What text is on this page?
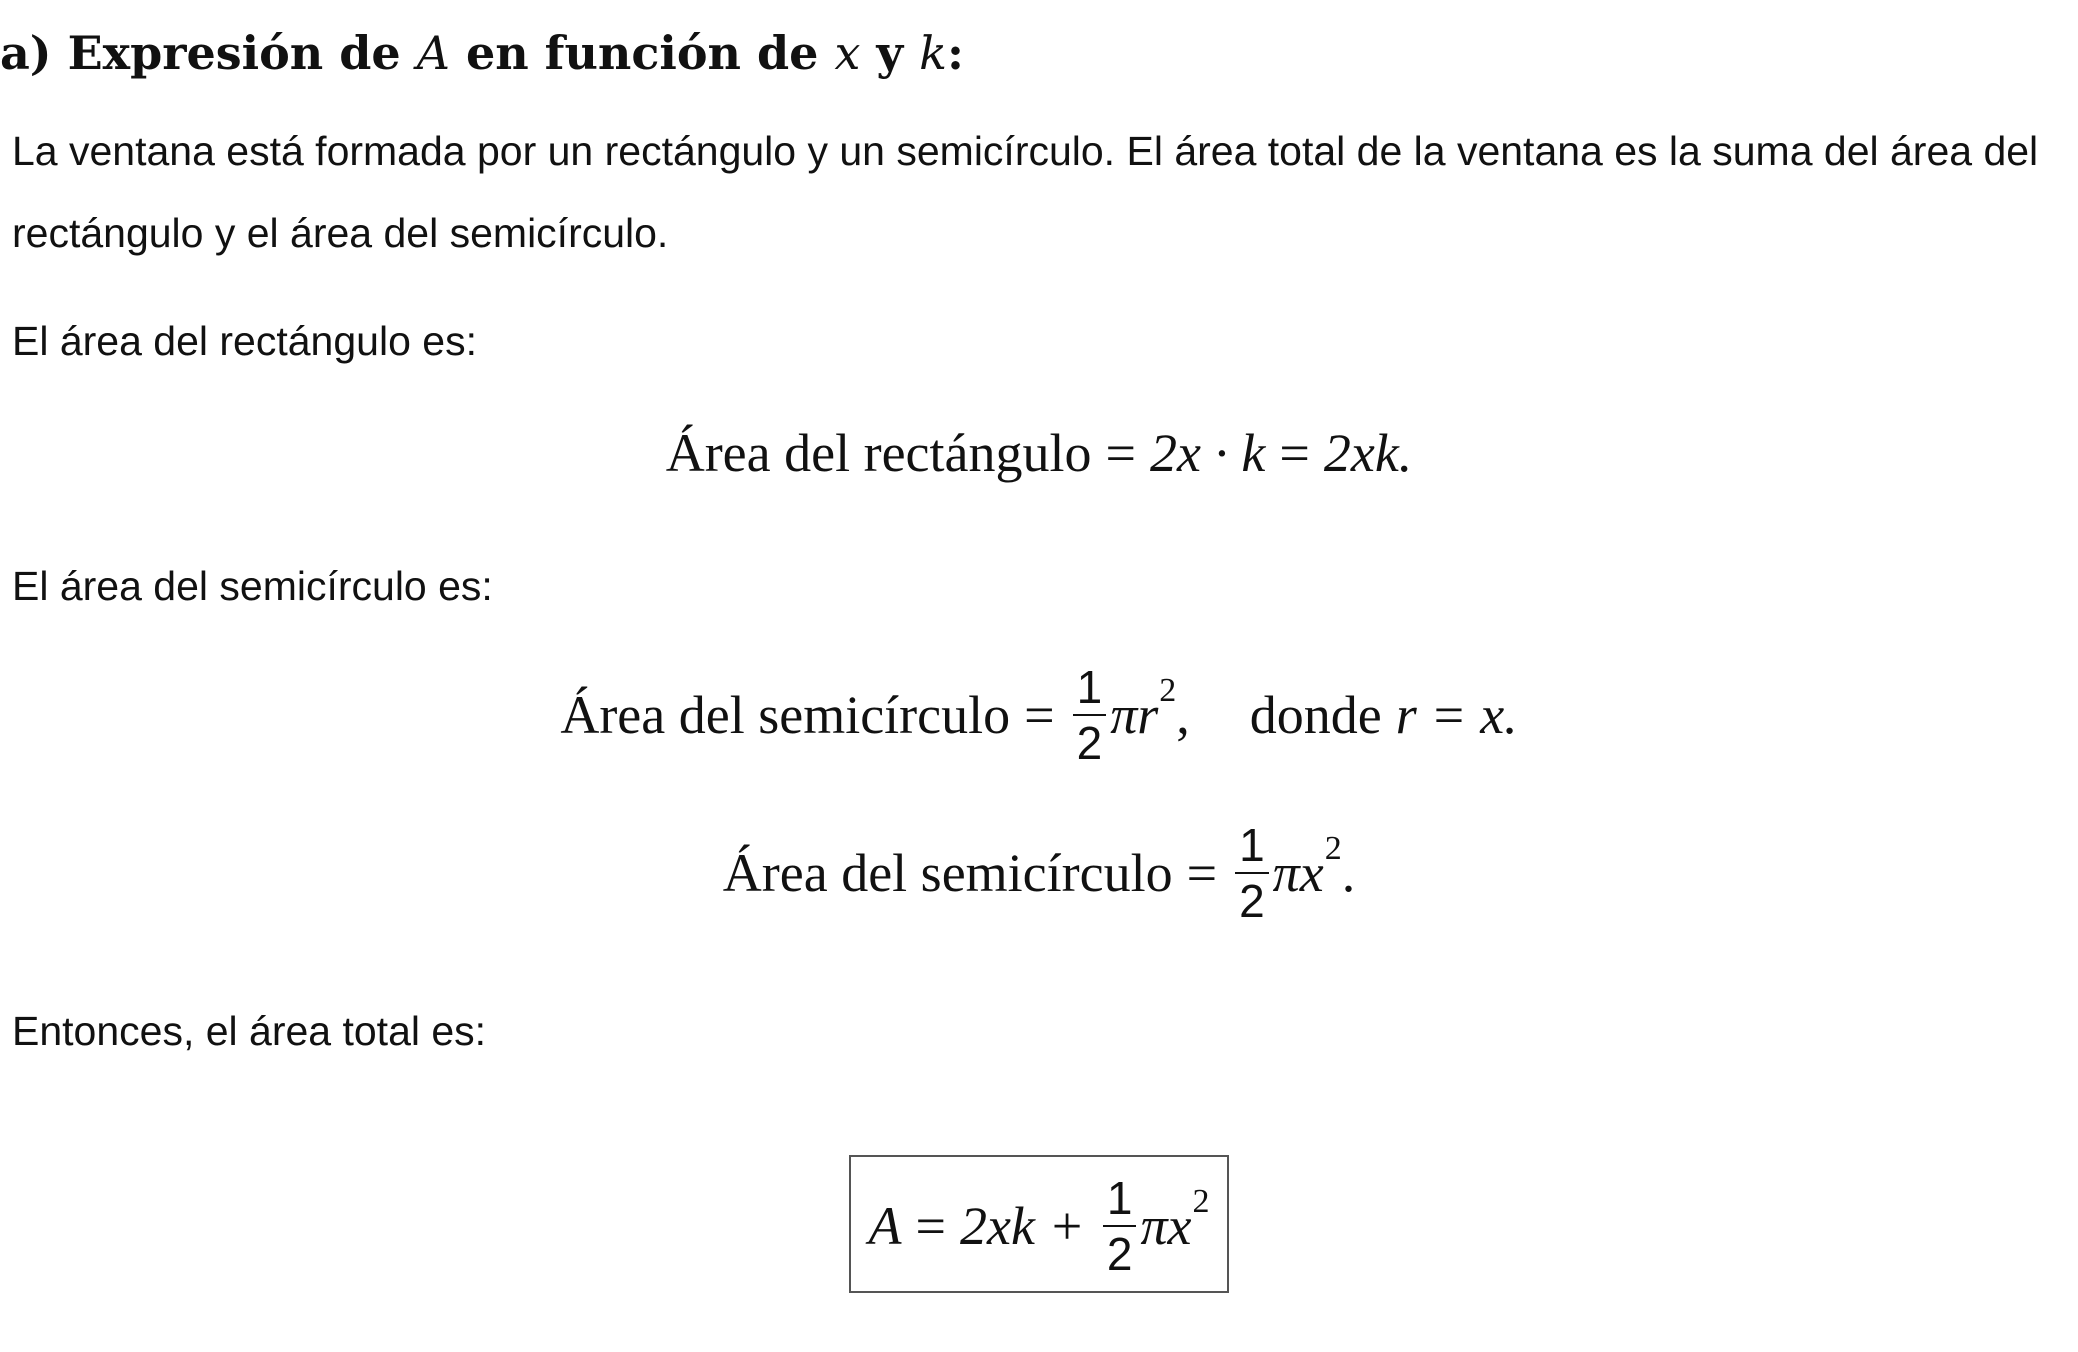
a) Expresión de A en función de x y k:
La ventana está formada por un rectángulo y un semicírculo. El área total de la ventana es la suma del área del rectángulo y el área del semicírculo.
El área del rectángulo es:
Área del rectángulo = 2x · k = 2xk.
El área del semicírculo es:
Área del semicírculo = $\frac{1}{2}$ πr 2 , donde r = x.
Área del semicírculo = $\frac{1}{2}$ πx 2 .
Entonces, el área total es:
$A = 2xk + \frac{1}{2}$ πx 2
